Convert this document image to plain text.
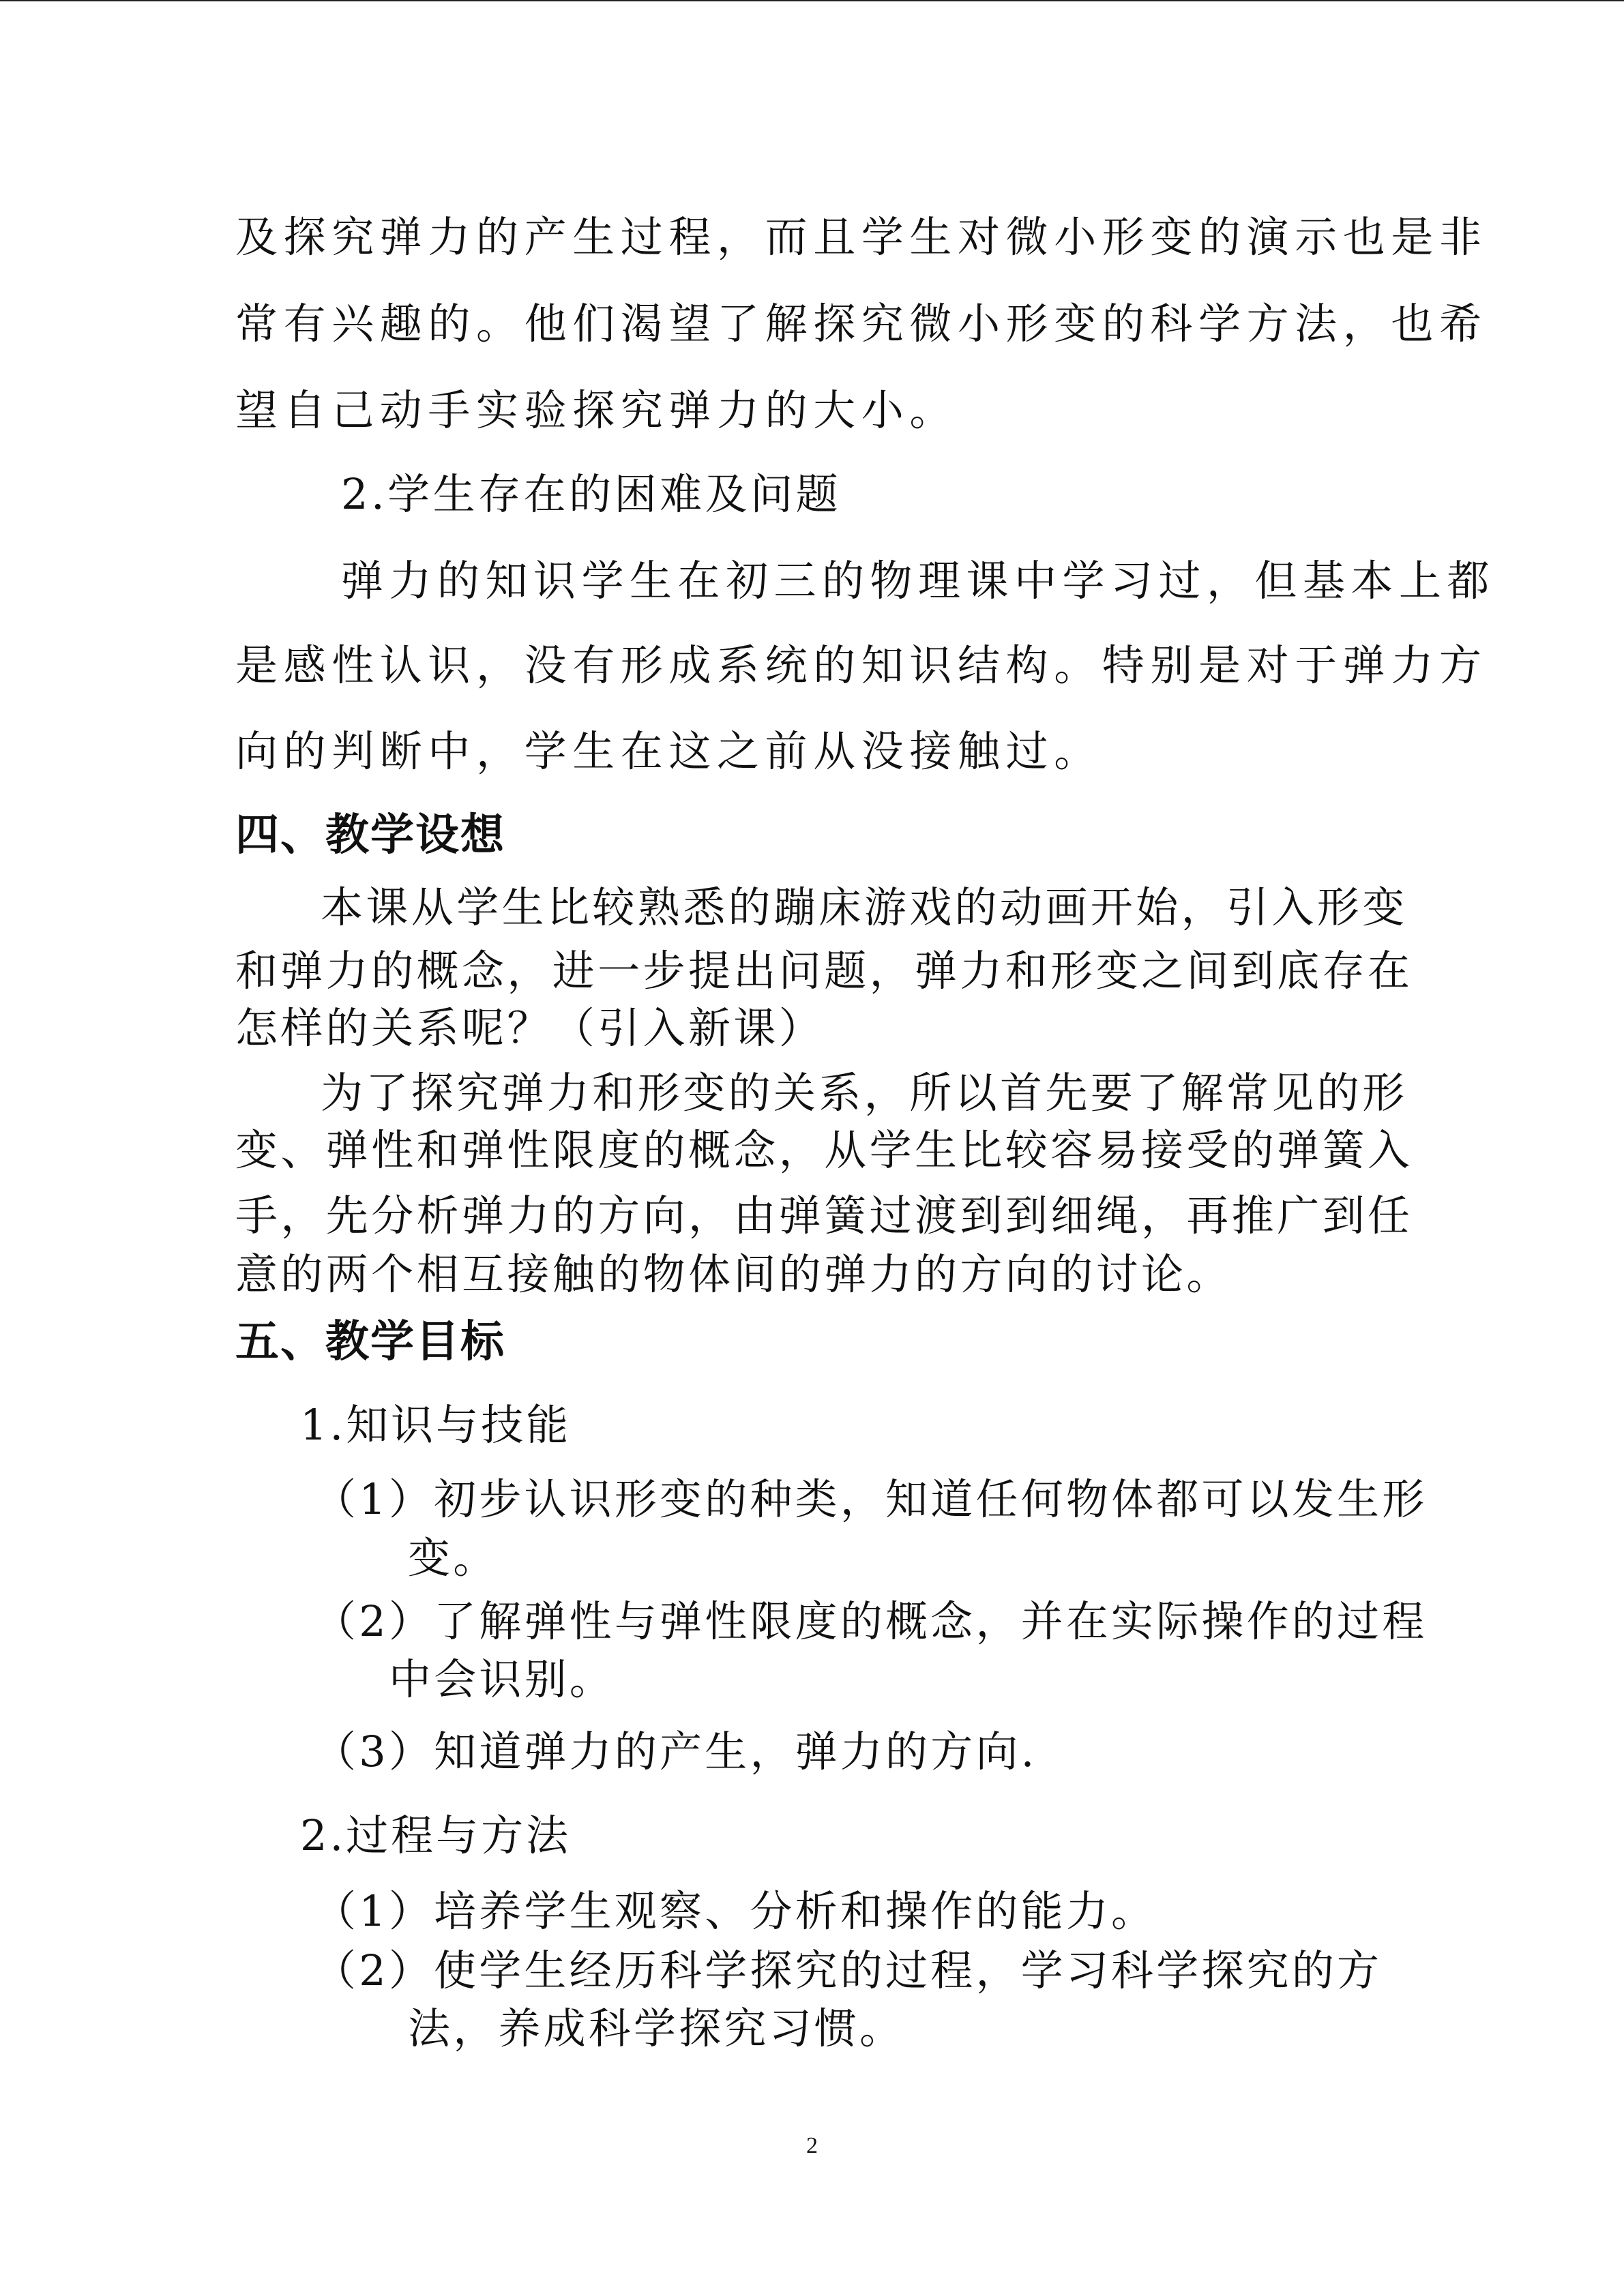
及探究弹力的产生过程，而且学生对微小形变的演示也是非
常有兴趣的。他们渴望了解探究微小形变的科学方法，也希
望自己动手实验探究弹力的大小。
2.学生存在的困难及问题
弹力的知识学生在初三的物理课中学习过，但基本上都
是感性认识，没有形成系统的知识结构。特别是对于弹力方
向的判断中，学生在这之前从没接触过。
四、教学设想
本课从学生比较熟悉的蹦床游戏的动画开始，引入形变
和弹力的概念，进一步提出问题，弹力和形变之间到底存在
怎样的关系呢？（引入新课）
为了探究弹力和形变的关系，所以首先要了解常见的形
变、弹性和弹性限度的概念，从学生比较容易接受的弹簧入
手，先分析弹力的方向，由弹簧过渡到到细绳，再推广到任
意的两个相互接触的物体间的弹力的方向的讨论。
五、教学目标
1.知识与技能
（1）初步认识形变的种类，知道任何物体都可以发生形
变。
（2）了解弹性与弹性限度的概念，并在实际操作的过程
中会识别。
（3）知道弹力的产生，弹力的方向.
2.过程与方法
（1）培养学生观察、分析和操作的能力。
（2）使学生经历科学探究的过程，学习科学探究的方
法，养成科学探究习惯。
2
